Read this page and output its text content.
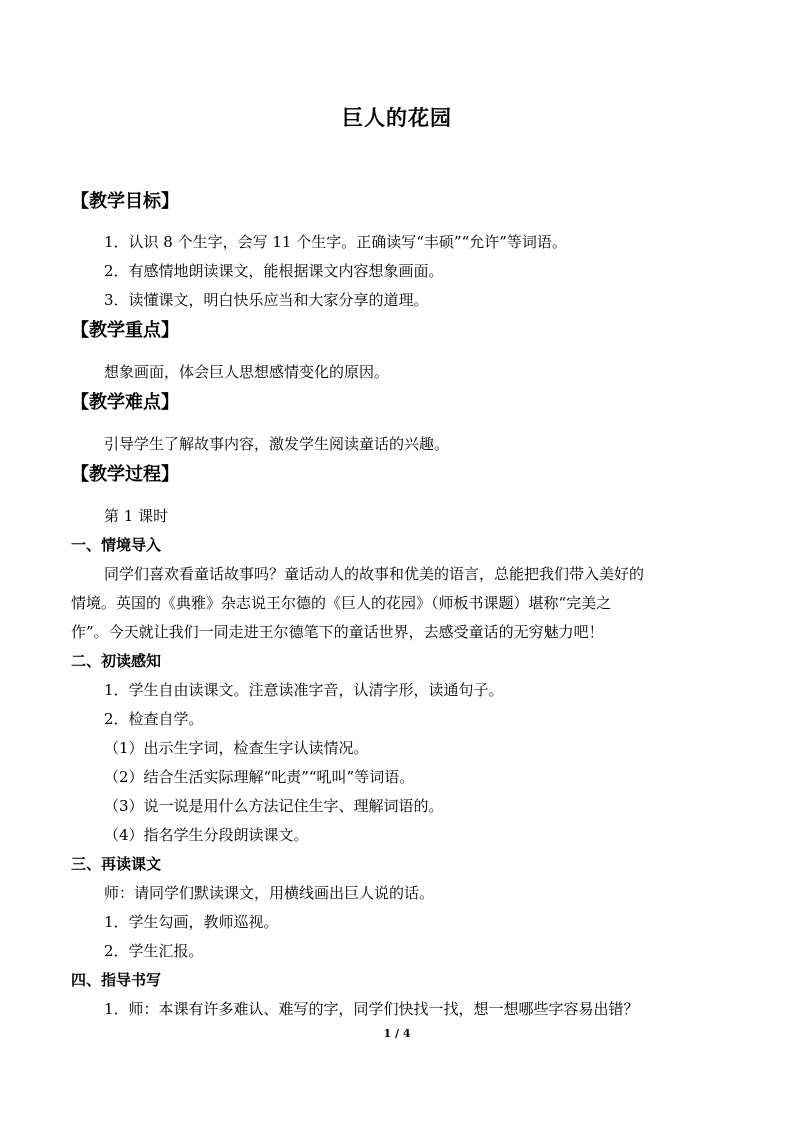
巨人的花园
【教学目标】
1．认识 8 个生字，会写 11 个生字。正确读写“丰硕”“允许”等词语。
2．有感情地朗读课文，能根据课文内容想象画面。
3．读懂课文，明白快乐应当和大家分享的道理。
【教学重点】
想象画面，体会巨人思想感情变化的原因。
【教学难点】
引导学生了解故事内容，激发学生阅读童话的兴趣。
【教学过程】
第 1 课时
一、情境导入
同学们喜欢看童话故事吗？童话动人的故事和优美的语言，总能把我们带入美好的
情境。英国的《典雅》杂志说王尔德的《巨人的花园》（师板书课题）堪称“完美之
作”。今天就让我们一同走进王尔德笔下的童话世界，去感受童话的无穷魅力吧！
二、初读感知
1．学生自由读课文。注意读准字音，认清字形，读通句子。
2．检查自学。
（1）出示生字词，检查生字认读情况。
（2）结合生活实际理解“叱责”“吼叫”等词语。
（3）说一说是用什么方法记住生字、理解词语的。
（4）指名学生分段朗读课文。
三、再读课文
师：请同学们默读课文，用横线画出巨人说的话。
1．学生勾画，教师巡视。
2．学生汇报。
四、指导书写
1．师：本课有许多难认、难写的字，同学们快找一找，想一想哪些字容易出错？
1 / 4
